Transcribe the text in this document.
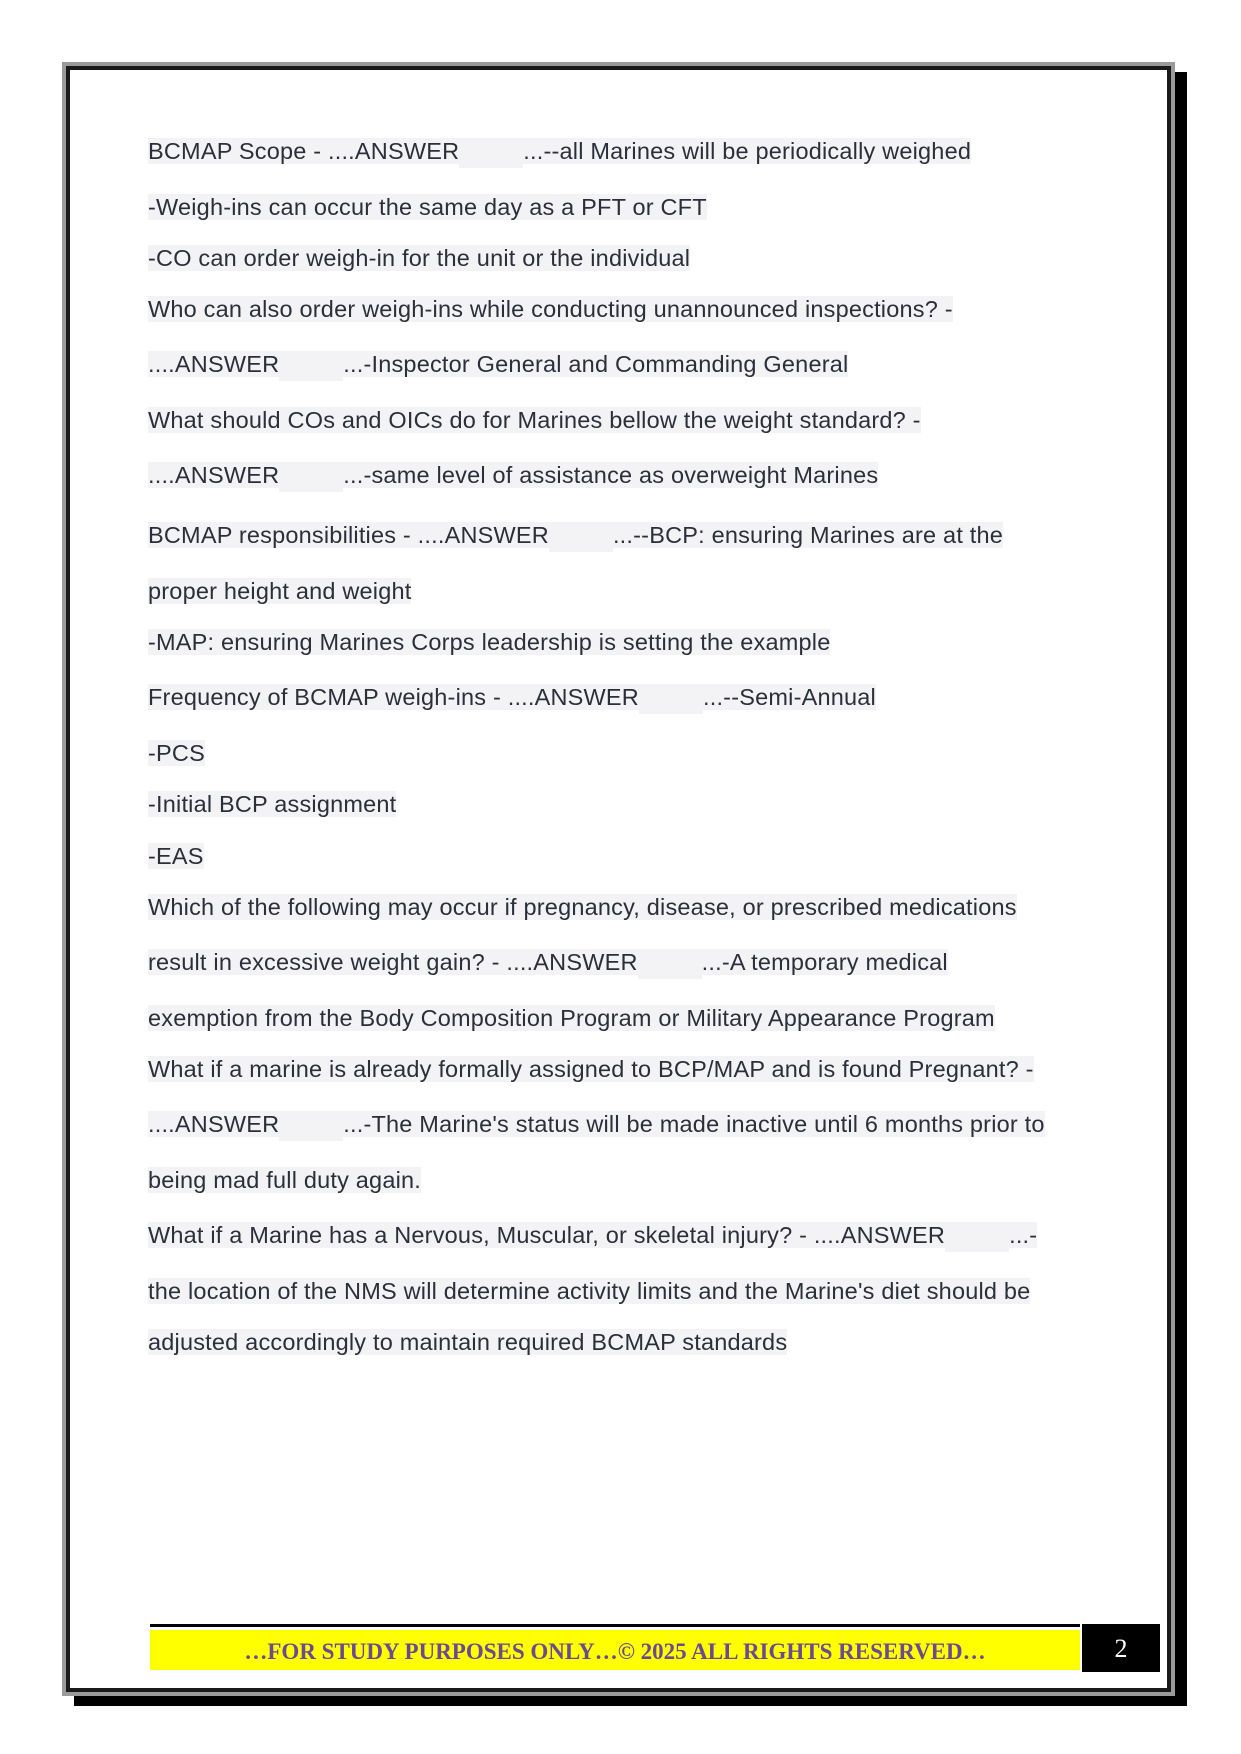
BCMAP Scope - ....ANSWER	...--all Marines will be periodically weighed
-Weigh-ins can occur the same day as a PFT or CFT
-CO can order weigh-in for the unit or the individual
Who can also order weigh-ins while conducting unannounced inspections? -
....ANSWER	...-Inspector General and Commanding General
What should COs and OICs do for Marines bellow the weight standard? -
....ANSWER	...-same level of assistance as overweight Marines
BCMAP responsibilities - ....ANSWER	...--BCP: ensuring Marines are at the
proper height and weight
-MAP: ensuring Marines Corps leadership is setting the example
Frequency of BCMAP weigh-ins - ....ANSWER	...--Semi-Annual
-PCS
-Initial BCP assignment
-EAS
Which of the following may occur if pregnancy, disease, or prescribed medications
result in excessive weight gain? - ....ANSWER	...-A temporary medical
exemption from the Body Composition Program or Military Appearance Program
What if a marine is already formally assigned to BCP/MAP and is found Pregnant? -
....ANSWER	...-The Marine's status will be made inactive until 6 months prior to
being mad full duty again.
What if a Marine has a Nervous, Muscular, or skeletal injury? - ....ANSWER	...-
the location of the NMS will determine activity limits and the Marine's diet should be
adjusted accordingly to maintain required BCMAP standards
…FOR STUDY PURPOSES ONLY…© 2025 ALL RIGHTS RESERVED…	2
